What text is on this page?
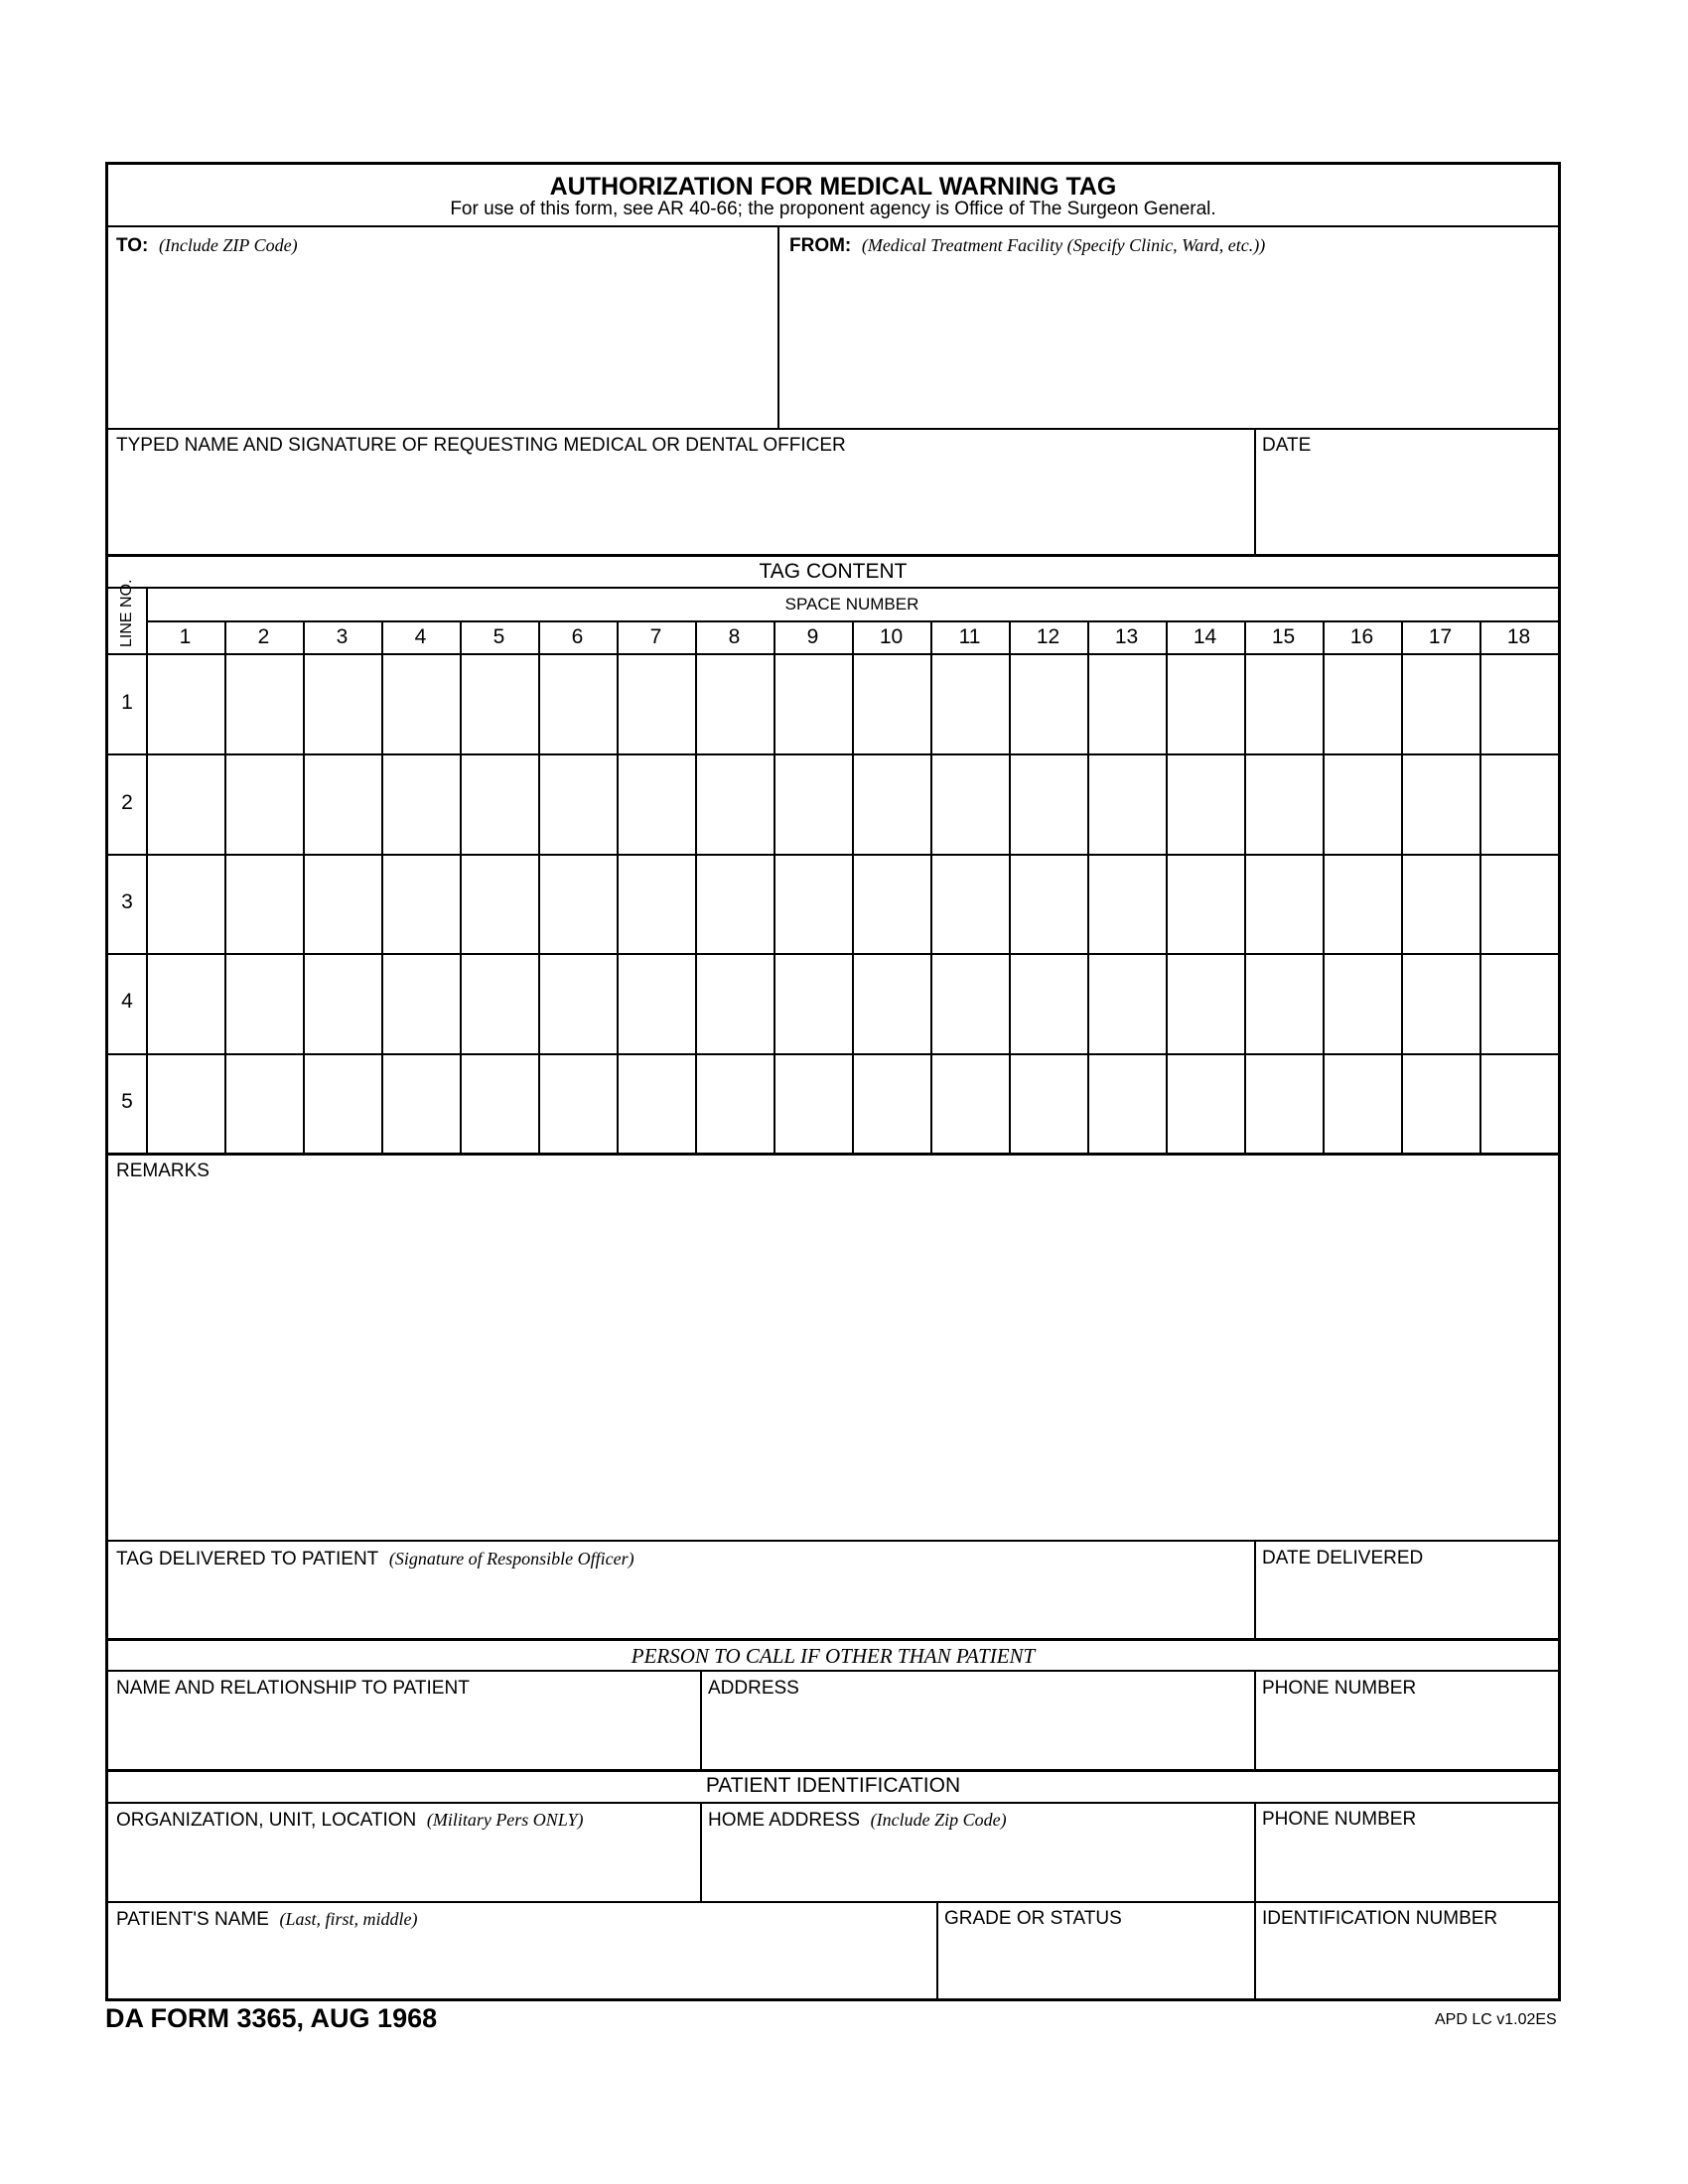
AUTHORIZATION FOR MEDICAL WARNING TAG
For use of this form, see AR 40-66; the proponent agency is Office of The Surgeon General.
TO: (Include ZIP Code)	FROM: (Medical Treatment Facility (Specify Clinic, Ward, etc.))
TYPED NAME AND SIGNATURE OF REQUESTING MEDICAL OR DENTAL OFFICER	DATE
TAG CONTENT
LINE NO.	SPACE NUMBER
1	2	3	4	5	6	7	8	9	10	11	12	13	14	15	16	17	18
1
2
3
4
5
REMARKS
TAG DELIVERED TO PATIENT (Signature of Responsible Officer)	DATE DELIVERED
PERSON TO CALL IF OTHER THAN PATIENT
NAME AND RELATIONSHIP TO PATIENT	ADDRESS	PHONE NUMBER
PATIENT IDENTIFICATION
ORGANIZATION, UNIT, LOCATION (Military Pers ONLY)	HOME ADDRESS (Include Zip Code)	PHONE NUMBER
PATIENT'S NAME (Last, first, middle)	GRADE OR STATUS	IDENTIFICATION NUMBER
DA FORM 3365, AUG 1968	APD LC v1.02ES
